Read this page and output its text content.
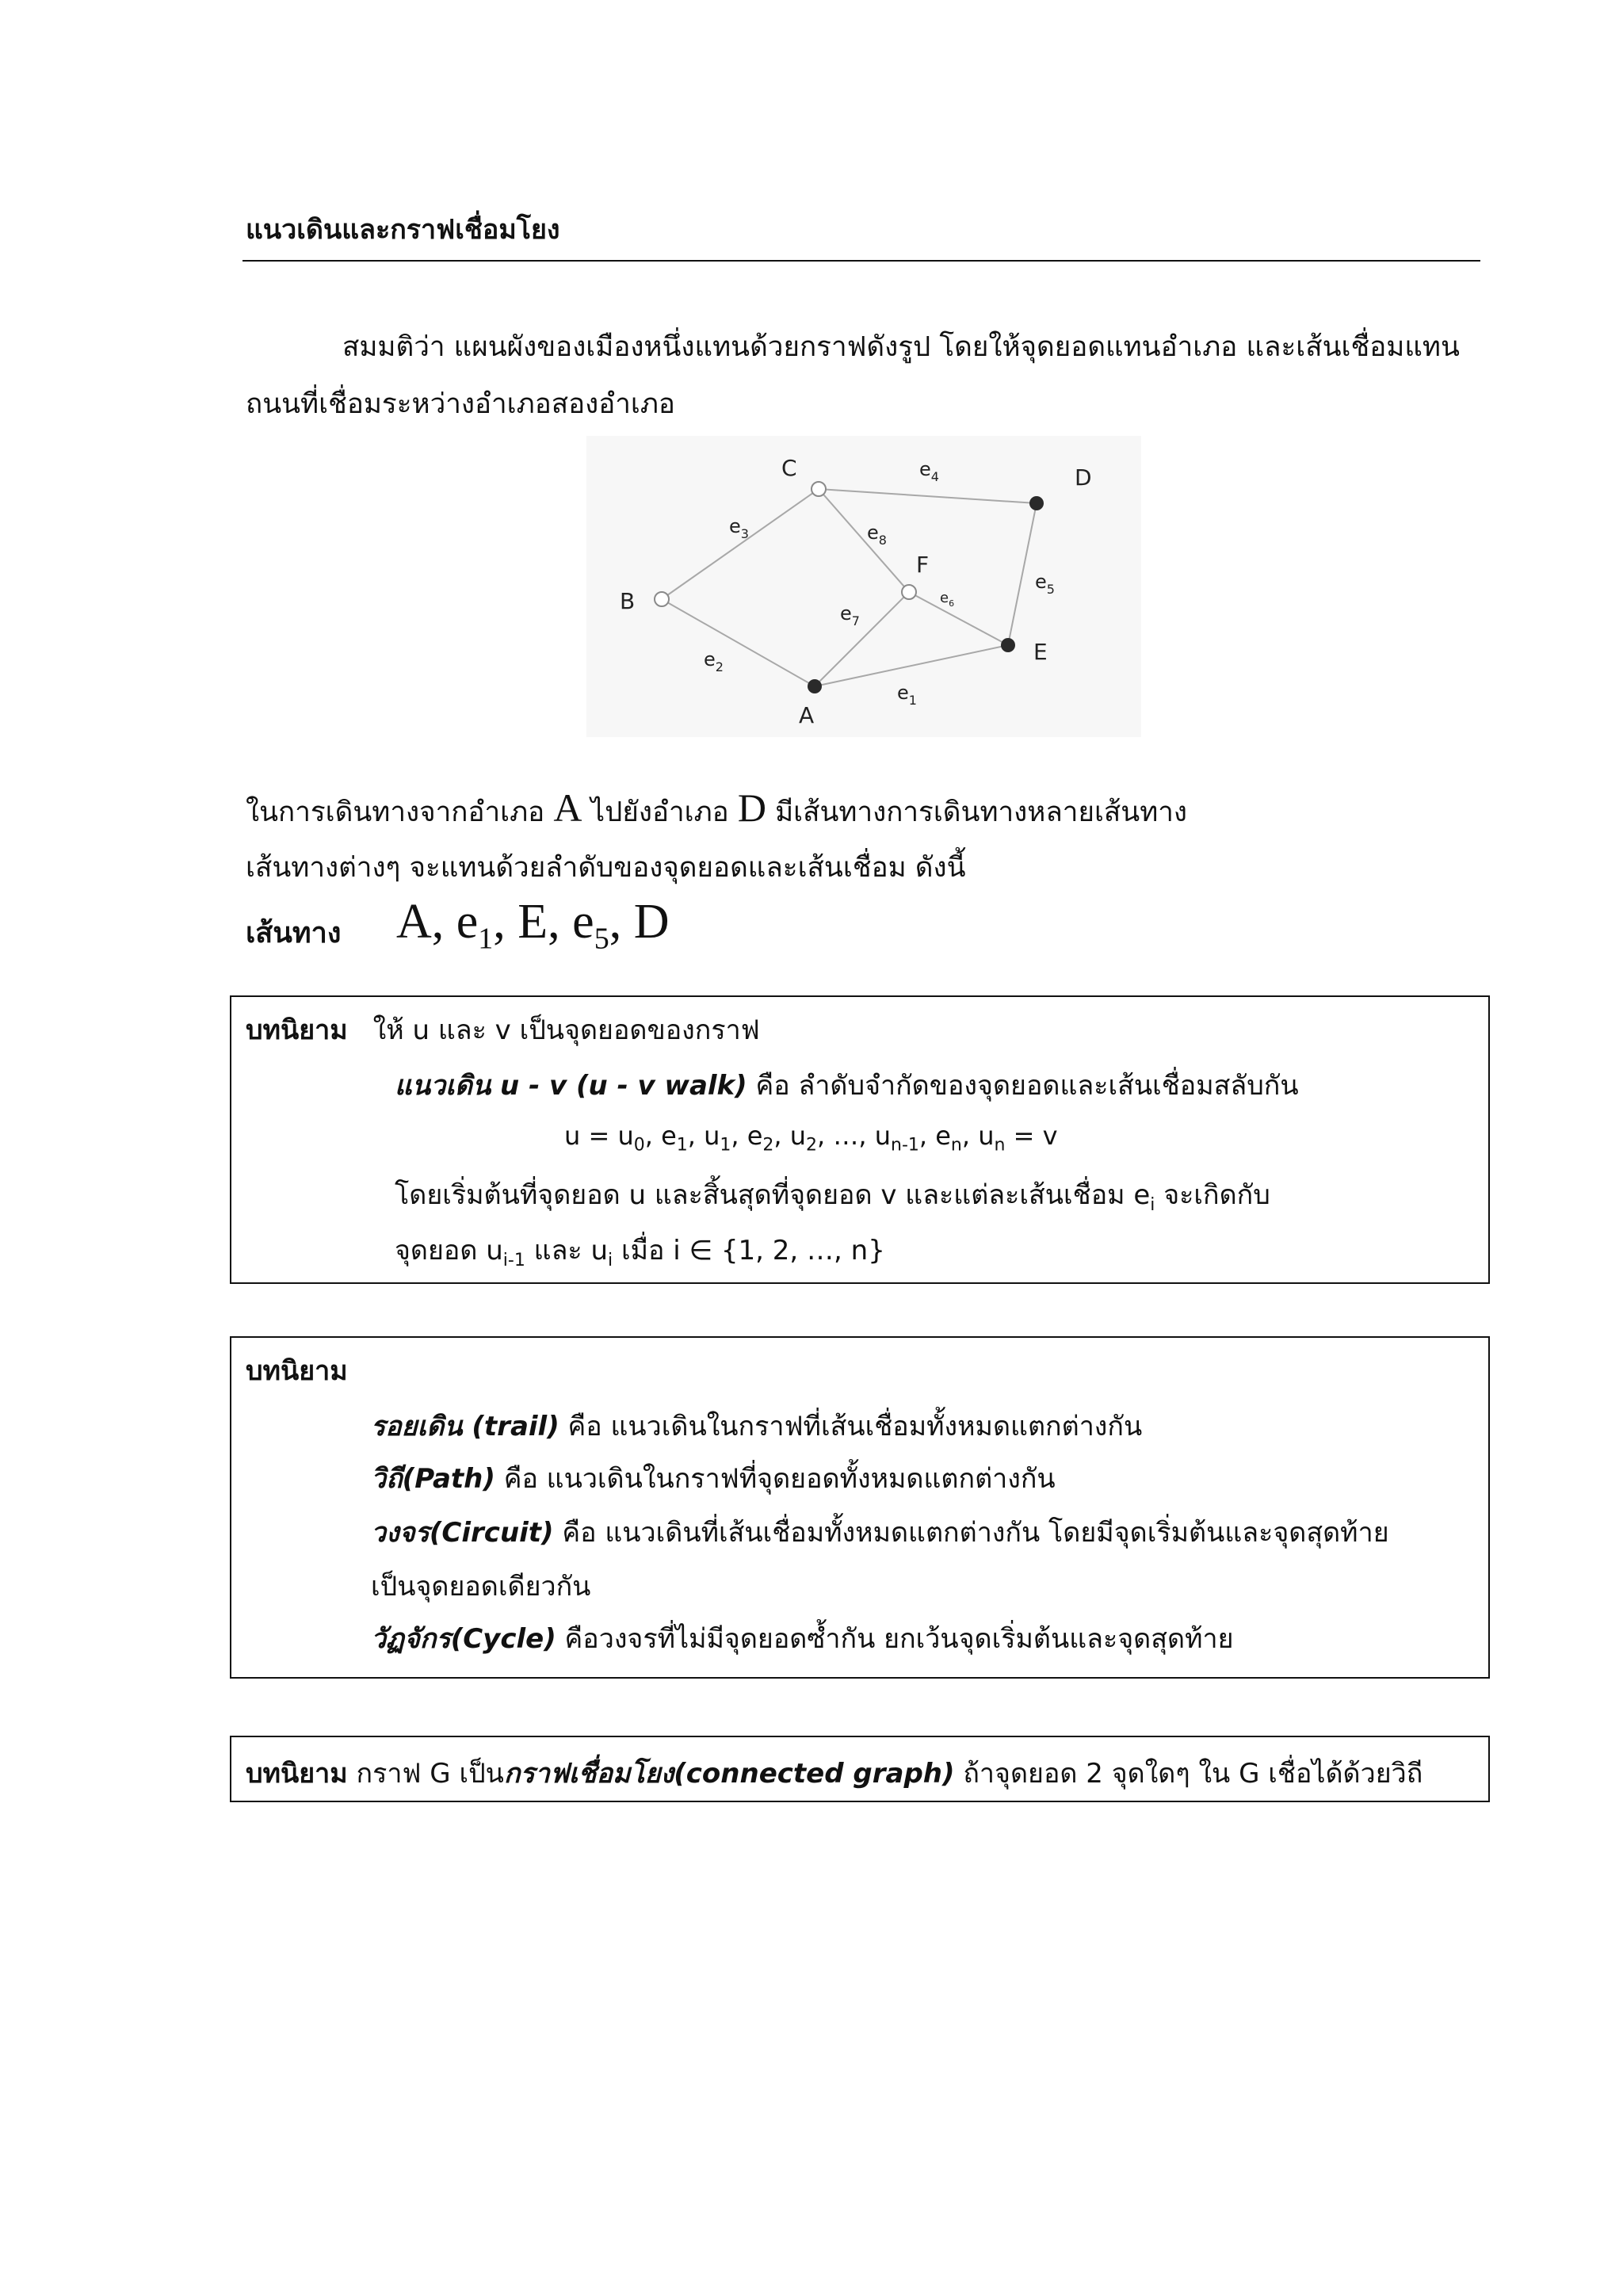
แนวเดินและกราฟเชื่อมโยง
สมมติว่า แผนผังของเมืองหนึ่งแทนด้วยกราฟดังรูป โดยให้จุดยอดแทนอำเภอ และเส้นเชื่อมแทน
ถนนที่เชื่อมระหว่างอำเภอสองอำเภอ
A
B
C	D
E
F
$e_1$
$e_2$
$e_3$
$e_4$
$e_5$
$e_6$
$e_7$
$e_8$
ในการเดินทางจากอำเภอ A ไปยังอำเภอ D มีเส้นทางการเดินทางหลายเส้นทาง
เส้นทางต่างๆ จะแทนด้วยลำดับของจุดยอดและเส้นเชื่อม ดังนี้
เส้นทาง A, $e_1$, E, $e_5$, D
บทนิยาม ให้ u และ v เป็นจุดยอดของกราฟ
แนวเดิน u - v (u - v walk) คือ ลำดับจำกัดของจุดยอดและเส้นเชื่อมสลับกัน
$u = u_0$, $e_1$, $u_1$, $e_2$, $u_2$, …, $u_{n-1}$, $e_n$, $u_n = v$
โดยเริ่มต้นที่จุดยอด u และสิ้นสุดที่จุดยอด v และแต่ละเส้นเชื่อม $e_i$ จะเกิดกับ
จุดยอด $u_{i-1}$ และ $u_i$ เมื่อ i ∈ {1, 2, …, n}
บทนิยาม
รอยเดิน (trail) คือ แนวเดินในกราฟที่เส้นเชื่อมทั้งหมดแตกต่างกัน
วิถี(Path) คือ แนวเดินในกราฟที่จุดยอดทั้งหมดแตกต่างกัน
วงจร(Circuit) คือ แนวเดินที่เส้นเชื่อมทั้งหมดแตกต่างกัน โดยมีจุดเริ่มต้นและจุดสุดท้าย
เป็นจุดยอดเดียวกัน
วัฏจักร(Cycle) คือวงจรที่ไม่มีจุดยอดซ้ำกัน ยกเว้นจุดเริ่มต้นและจุดสุดท้าย
บทนิยาม กราฟ G เป็นกราฟเชื่อมโยง(connected graph) ถ้าจุดยอด 2 จุดใดๆ ใน G เชื่อได้ด้วยวิถี
